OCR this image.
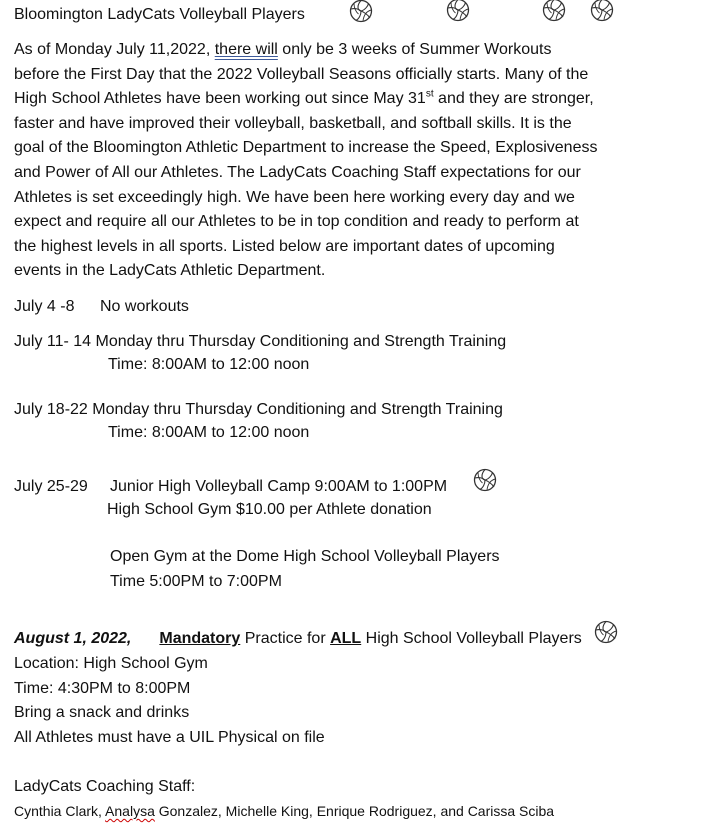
Bloomington LadyCats Volleyball Players
As of Monday July 11,2022, there will only be 3 weeks of Summer Workouts
before the First Day that the 2022 Volleyball Seasons officially starts. Many of the
High School Athletes have been working out since May 31st and they are stronger,
faster and have improved their volleyball, basketball, and softball skills. It is the
goal of the Bloomington Athletic Department to increase the Speed, Explosiveness
and Power of All our Athletes. The LadyCats Coaching Staff expectations for our
Athletes is set exceedingly high. We have been here working every day and we
expect and require all our Athletes to be in top condition and ready to perform at
the highest levels in all sports. Listed below are important dates of upcoming
events in the LadyCats Athletic Department.
July 4 -8 No workouts
July 11- 14 Monday thru Thursday Conditioning and Strength Training
Time: 8:00AM to 12:00 noon
July 18-22 Monday thru Thursday Conditioning and Strength Training
Time: 8:00AM to 12:00 noon
July 25-29 Junior High Volleyball Camp 9:00AM to 1:00PM
High School Gym $10.00 per Athlete donation
Open Gym at the Dome High School Volleyball Players
Time 5:00PM to 7:00PM
August 1, 2022, Mandatory Practice for ALL High School Volleyball Players
Location: High School Gym
Time: 4:30PM to 8:00PM
Bring a snack and drinks
All Athletes must have a UIL Physical on file
LadyCats Coaching Staff:
Cynthia Clark, Analysa Gonzalez, Michelle King, Enrique Rodriguez, and Carissa Sciba
